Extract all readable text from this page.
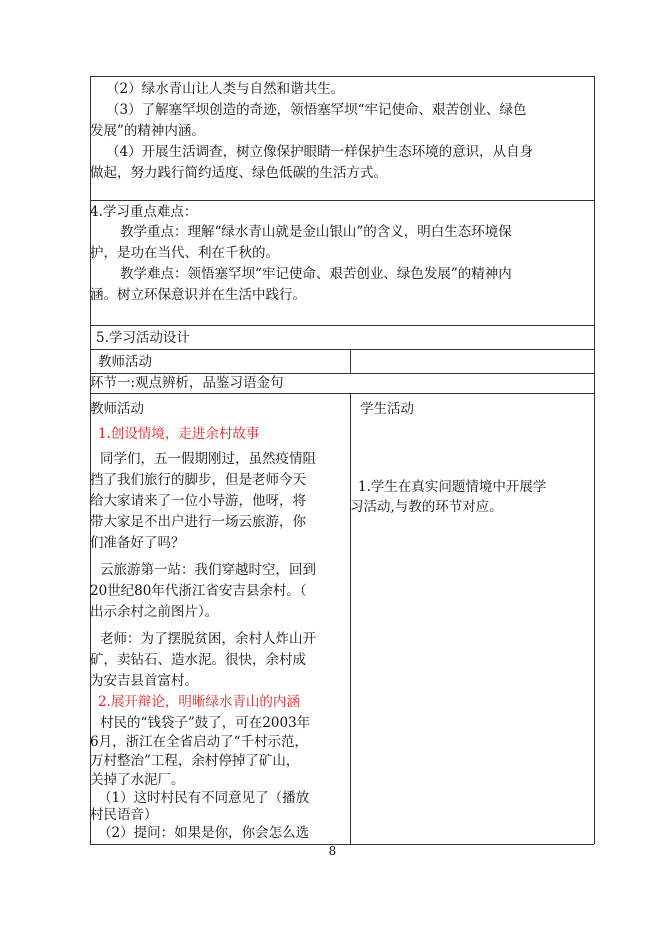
（2）绿水青山让人类与自然和谐共生。
（3）了解塞罕坝创造的奇迹，领悟塞罕坝“牢记使命、艰苦创业、绿色
发展”的精神内涵。
（4）开展生活调查，树立像保护眼睛一样保护生态环境的意识，从自身
做起，努力践行简约适度、绿色低碳的生活方式。
4.学习重点难点：
教学重点：理解“绿水青山就是金山银山”的含义，明白生态环境保
护，是功在当代、利在千秋的。
教学难点：领悟塞罕坝“牢记使命、艰苦创业、绿色发展”的精神内
涵。树立环保意识并在生活中践行。
5.学习活动设计
教师活动
环节一:观点辨析，品鉴习语金句
教师活动
1.创设情境，走进余村故事
同学们，五一假期刚过，虽然疫情阻
挡了我们旅行的脚步，但是老师今天
给大家请来了一位小导游，他呀，将
带大家足不出户进行一场云旅游，你
们准备好了吗？
云旅游第一站：我们穿越时空，回到
20世纪80年代浙江省安吉县余村。（
出示余村之前图片）。
老师：为了摆脱贫困，余村人炸山开
矿，卖钻石、造水泥。很快，余村成
为安吉县首富村。
2.展开辩论，明晰绿水青山的内涵
村民的“钱袋子”鼓了，可在2003年
6月，浙江在全省启动了“千村示范，
万村整治”工程，余村停掉了矿山，
关掉了水泥厂。
（1）这时村民有不同意见了（播放
学生活动
1.学生在真实问题情境中开展学
习活动,与教的环节对应。
村民语音）
（2）提问：如果是你，你会怎么选
8
